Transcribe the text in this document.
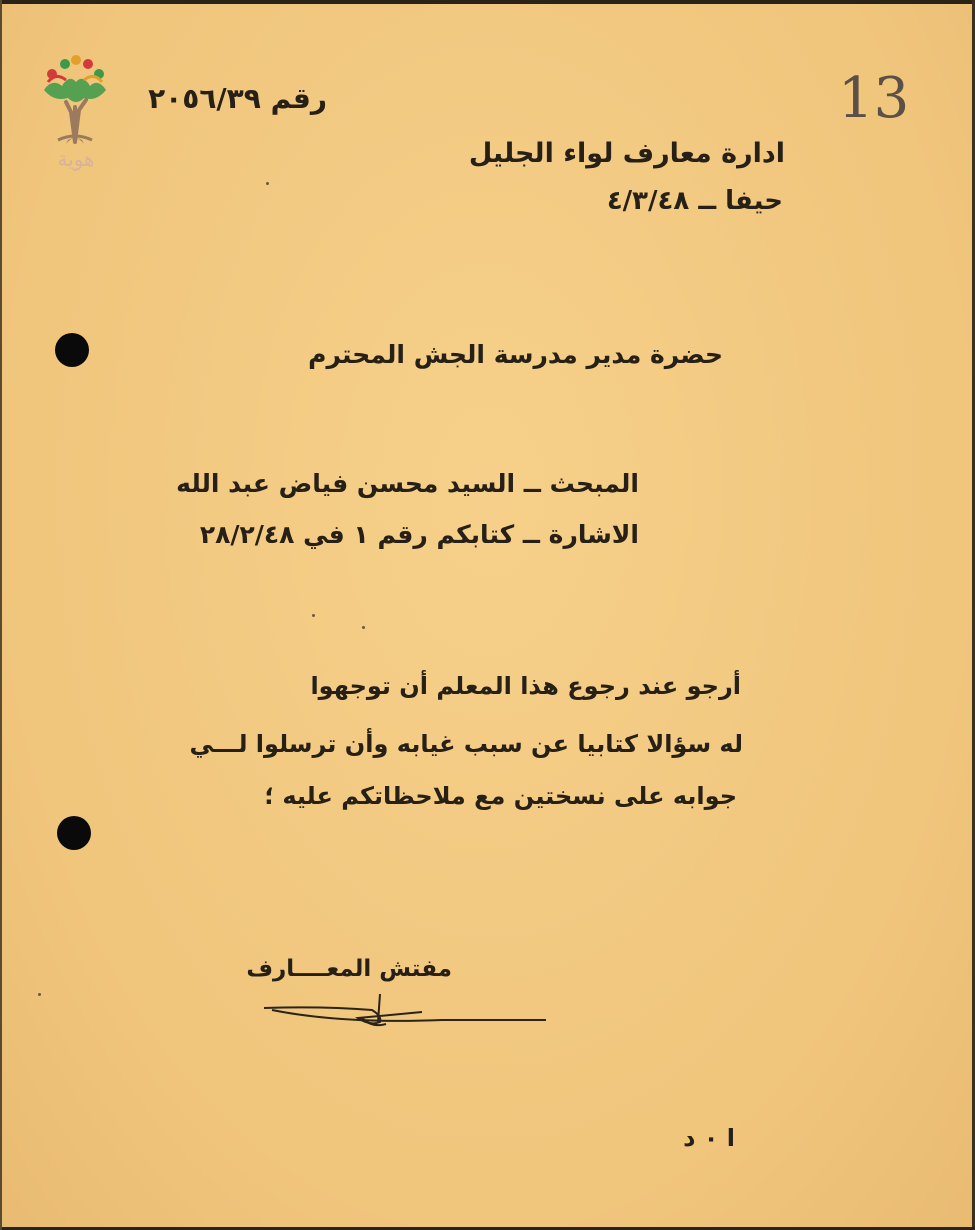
هوية
رقم ٢٠٥٦/٣٩	13
ادارة معارف لواء الجليل
حيفا ــ ٤/٣/٤٨
حضرة مدير مدرسة الجش المحترم
المبحث ــ السيد محسن فياض عبد الله
الاشارة ــ كتابكم رقم ١ في ٢٨/٢/٤٨
أرجو عند رجوع هذا المعلم أن توجهوا
له سؤالا كتابيا عن سبب غيابه وأن ترسلوا لـــي
جوابه على نسختين مع ملاحظاتكم عليه ؛
مفتش المعــــارف
ا ٠ د
